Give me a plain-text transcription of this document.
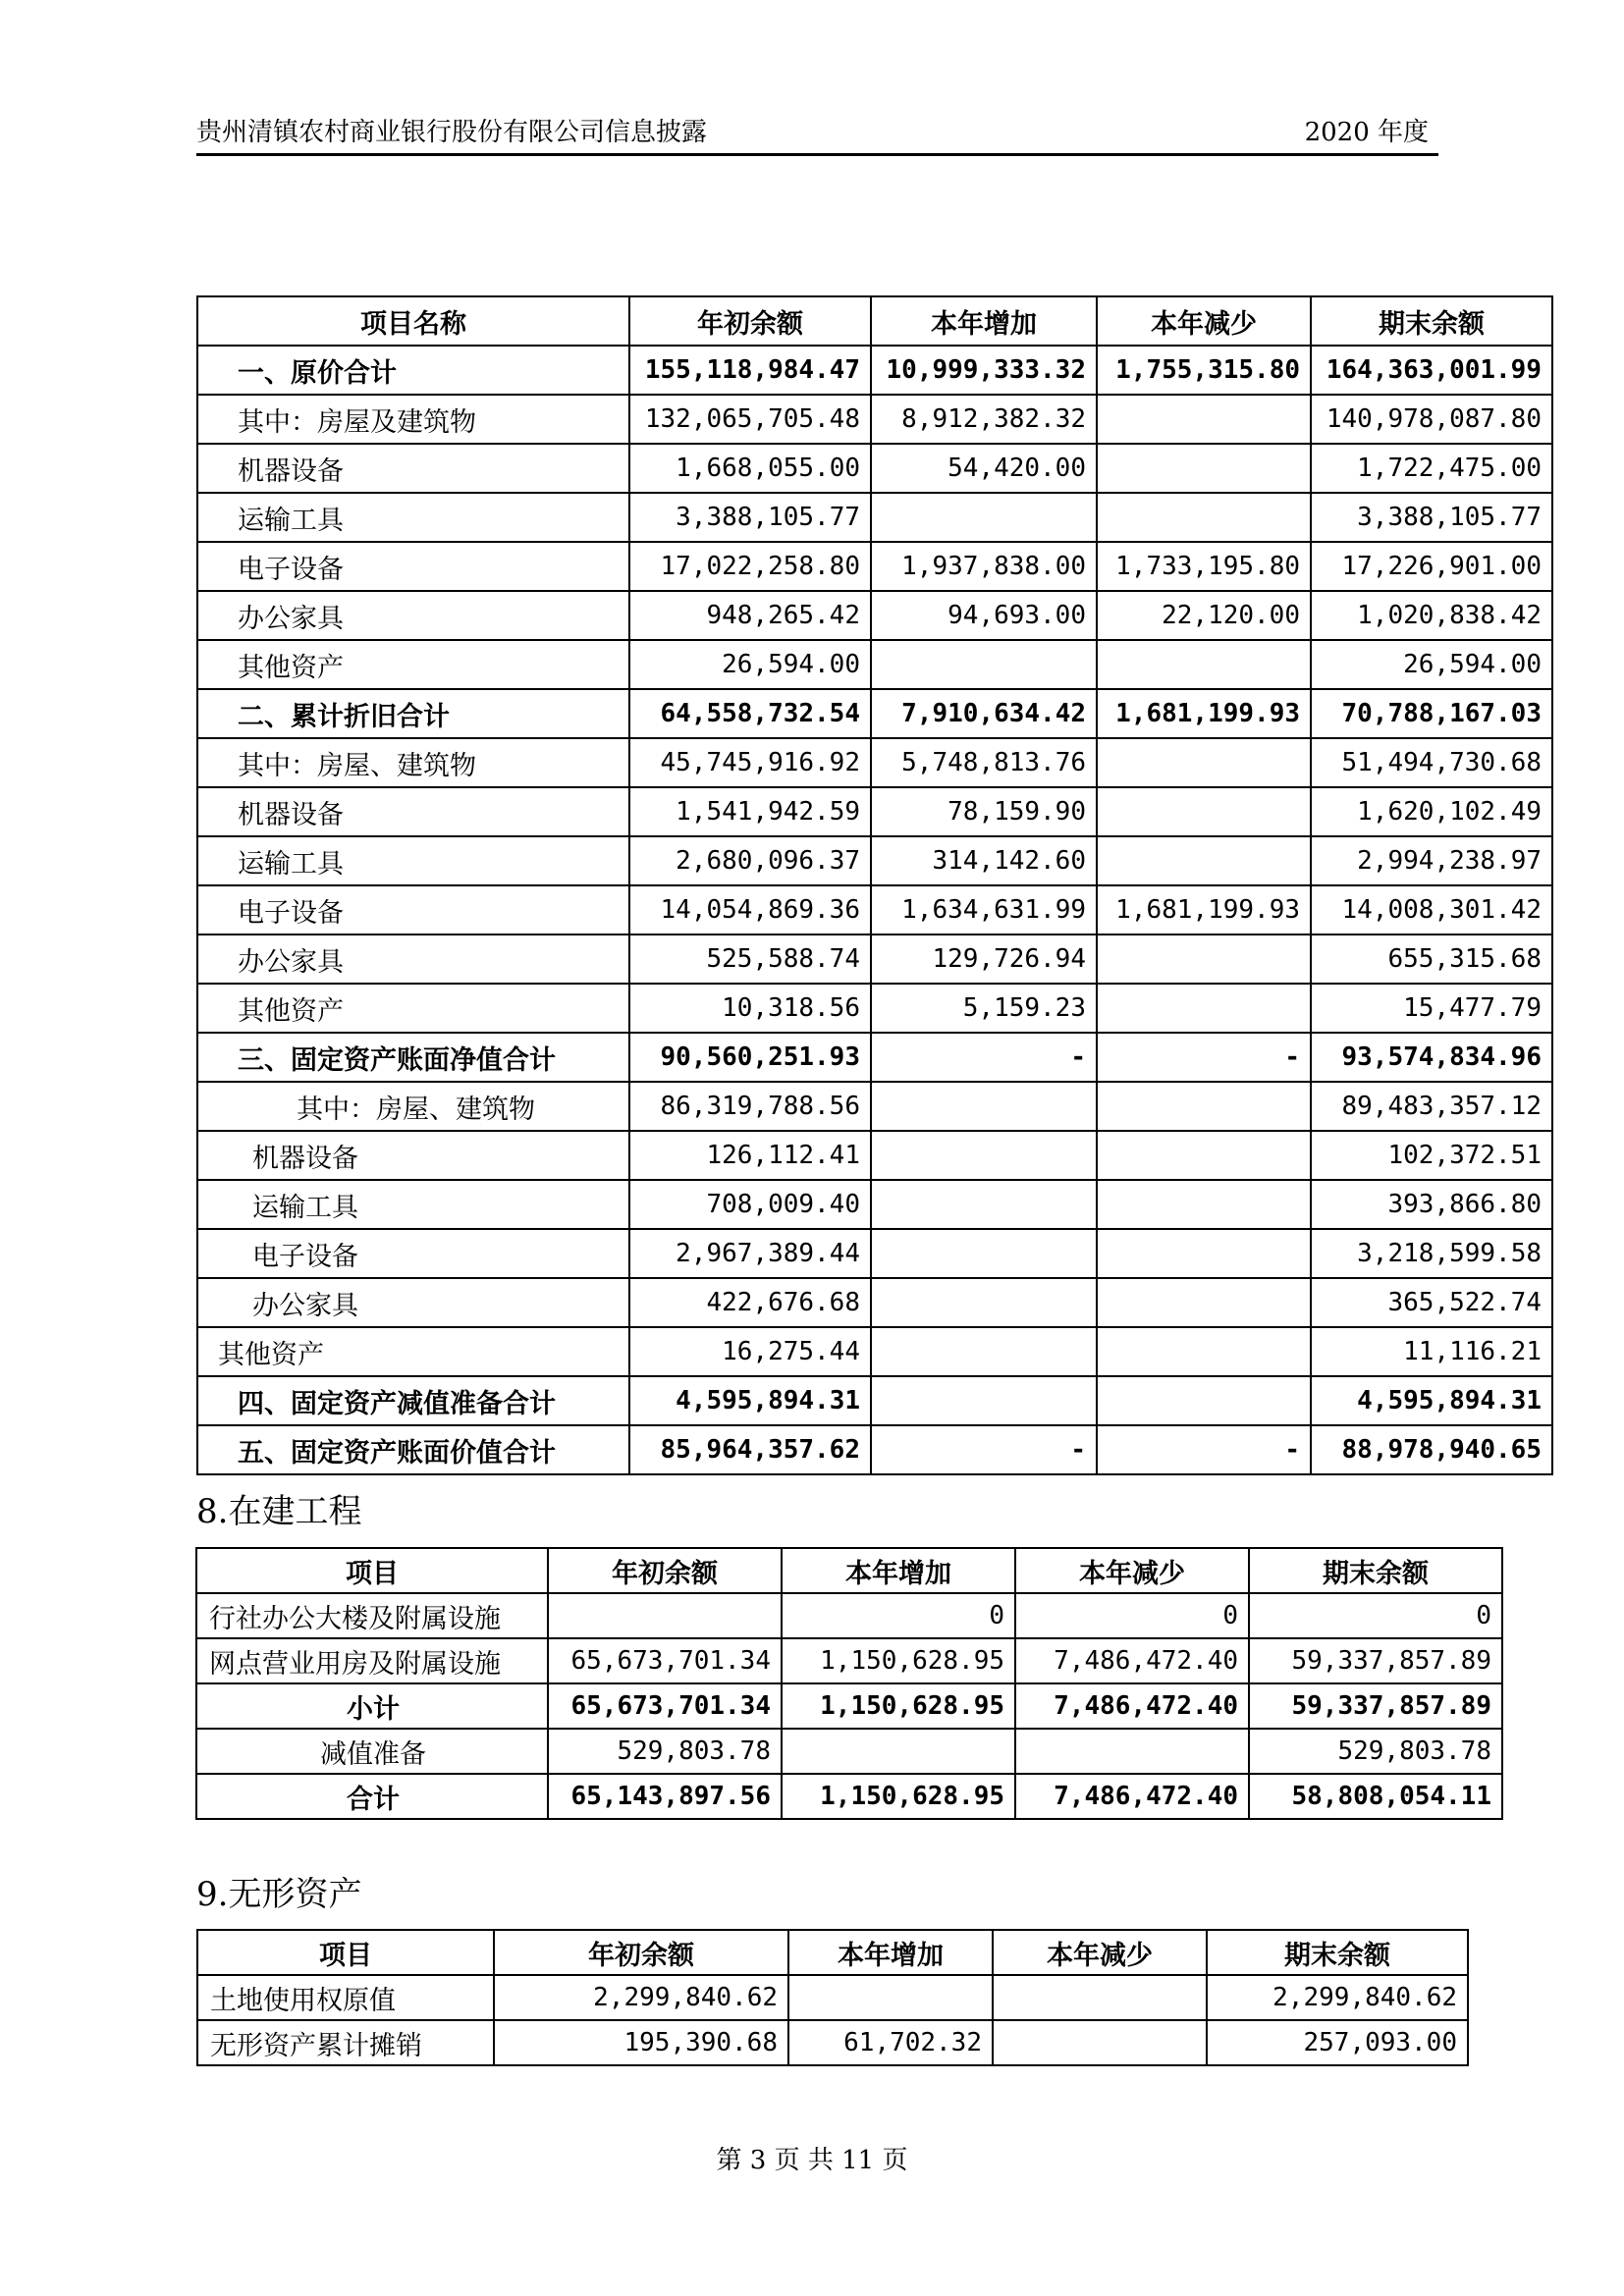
贵州清镇农村商业银行股份有限公司信息披露	2020 年度
项目名称	年初余额	本年增加	本年减少	期末余额
一、原价合计	155,118,984.47	10,999,333.32	1,755,315.80	164,363,001.99
其中：房屋及建筑物	132,065,705.48	8,912,382.32		140,978,087.80
机器设备	1,668,055.00	54,420.00		1,722,475.00
运输工具	3,388,105.77			3,388,105.77
电子设备	17,022,258.80	1,937,838.00	1,733,195.80	17,226,901.00
办公家具	948,265.42	94,693.00	22,120.00	1,020,838.42
其他资产	26,594.00			26,594.00
二、累计折旧合计	64,558,732.54	7,910,634.42	1,681,199.93	70,788,167.03
其中：房屋、建筑物	45,745,916.92	5,748,813.76		51,494,730.68
机器设备	1,541,942.59	78,159.90		1,620,102.49
运输工具	2,680,096.37	314,142.60		2,994,238.97
电子设备	14,054,869.36	1,634,631.99	1,681,199.93	14,008,301.42
办公家具	525,588.74	129,726.94		655,315.68
其他资产	10,318.56	5,159.23		15,477.79
三、固定资产账面净值合计	90,560,251.93	-	-	93,574,834.96
其中：房屋、建筑物	86,319,788.56			89,483,357.12
机器设备	126,112.41			102,372.51
运输工具	708,009.40			393,866.80
电子设备	2,967,389.44			3,218,599.58
办公家具	422,676.68			365,522.74
其他资产	16,275.44			11,116.21
四、固定资产减值准备合计	4,595,894.31			4,595,894.31
五、固定资产账面价值合计	85,964,357.62	-	-	88,978,940.65
8.在建工程
项目	年初余额	本年增加	本年减少	期末余额
行社办公大楼及附属设施		0	0	0
网点营业用房及附属设施	65,673,701.34	1,150,628.95	7,486,472.40	59,337,857.89
小计	65,673,701.34	1,150,628.95	7,486,472.40	59,337,857.89
减值准备	529,803.78			529,803.78
合计	65,143,897.56	1,150,628.95	7,486,472.40	58,808,054.11
9.无形资产
项目	年初余额	本年增加	本年减少	期末余额
土地使用权原值	2,299,840.62			2,299,840.62
无形资产累计摊销	195,390.68	61,702.32		257,093.00
第 3 页 共 11 页
